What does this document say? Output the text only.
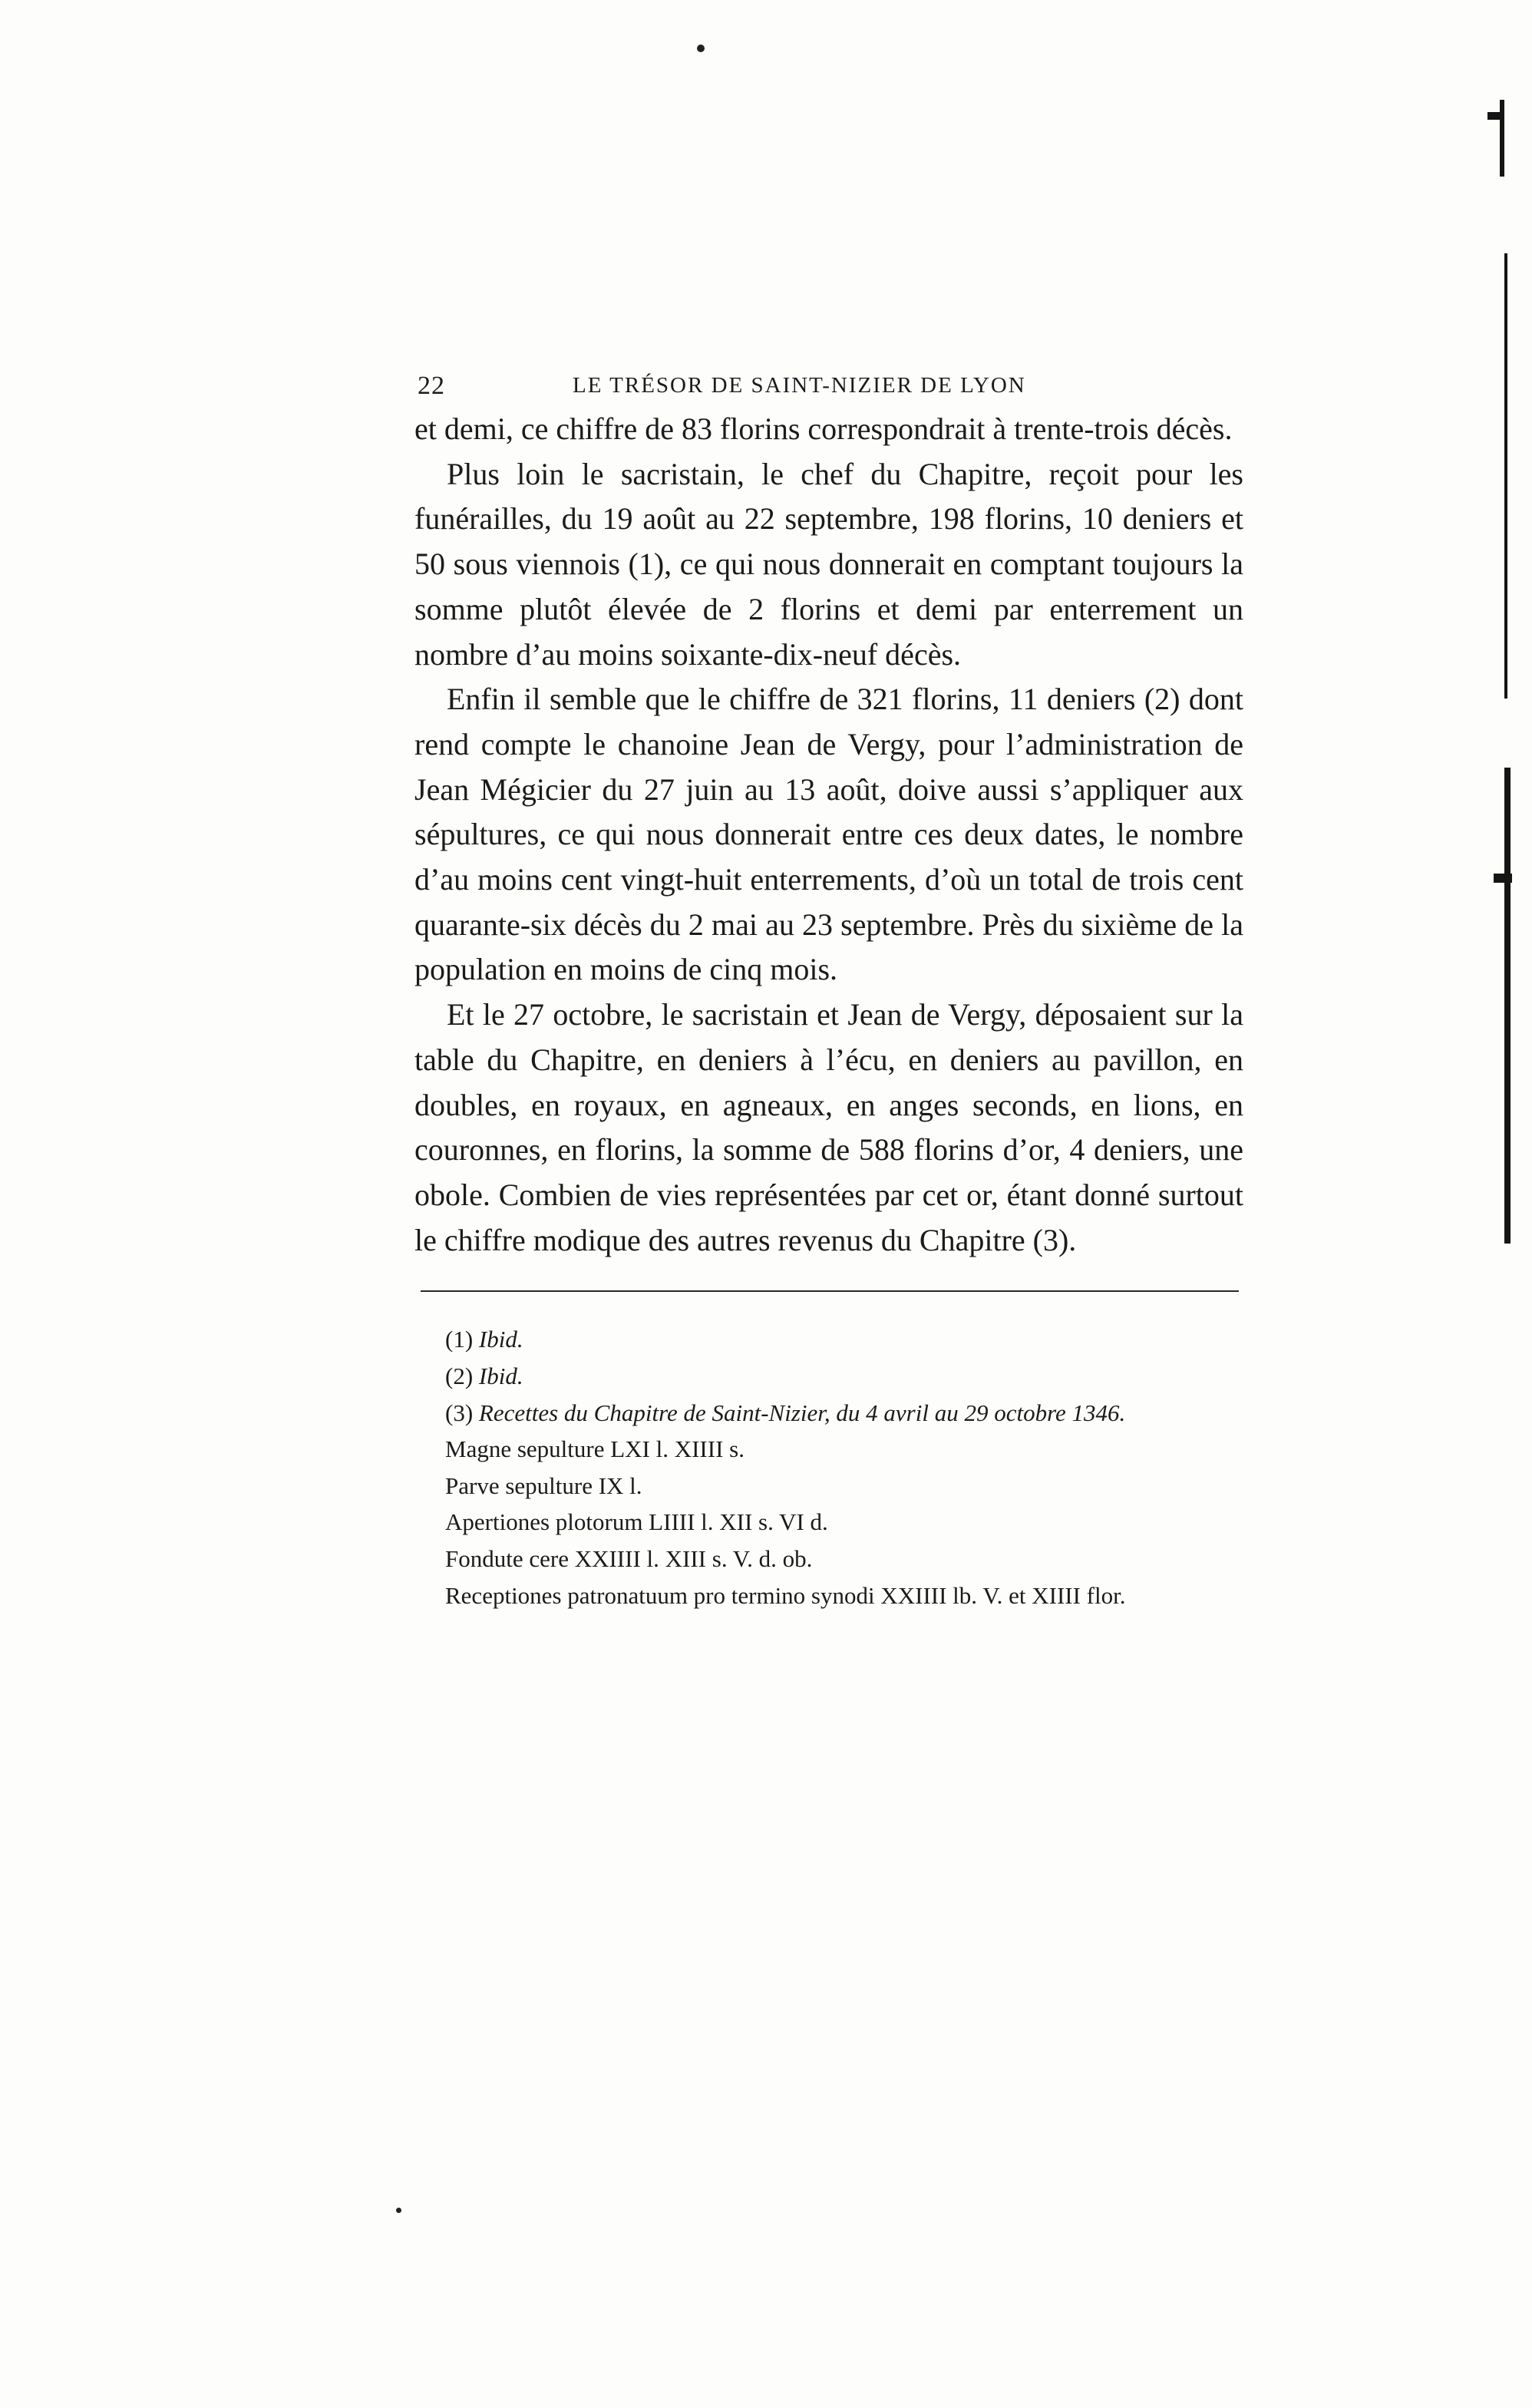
22	LE TRÉSOR DE SAINT-NIZIER DE LYON

et demi, ce chiffre de 83 florins correspondrait à trente-trois décès.

Plus loin le sacristain, le chef du Chapitre, reçoit pour les funérailles, du 19 août au 22 septembre, 198 florins, 10 deniers et 50 sous viennois (1), ce qui nous donnerait en comptant toujours la somme plutôt élevée de 2 florins et demi par enterrement un nombre d’au moins soixante-dix-neuf décès.

Enfin il semble que le chiffre de 321 florins, 11 deniers (2) dont rend compte le chanoine Jean de Vergy, pour l’administration de Jean Mégicier du 27 juin au 13 août, doive aussi s’appliquer aux sépultures, ce qui nous donnerait entre ces deux dates, le nombre d’au moins cent vingt-huit enterrements, d’où un total de trois cent quarante-six décès du 2 mai au 23 septembre. Près du sixième de la population en moins de cinq mois.

Et le 27 octobre, le sacristain et Jean de Vergy, déposaient sur la table du Chapitre, en deniers à l’écu, en deniers au pavillon, en doubles, en royaux, en agneaux, en anges seconds, en lions, en couronnes, en florins, la somme de 588 florins d’or, 4 deniers, une obole. Combien de vies représentées par cet or, étant donné surtout le chiffre modique des autres revenus du Chapitre (3).

(1) Ibid.
(2) Ibid.
(3) Recettes du Chapitre de Saint-Nizier, du 4 avril au 29 octobre 1346.
Magne sepulture LXI l. XIIII s.
Parve sepulture IX l.
Apertiones plotorum LIIII l. XII s. VI d.
Fondute cere XXIIII l. XIII s. V. d. ob.
Receptiones patronatuum pro termino synodi XXIIII lb. V. et XIIII flor.
